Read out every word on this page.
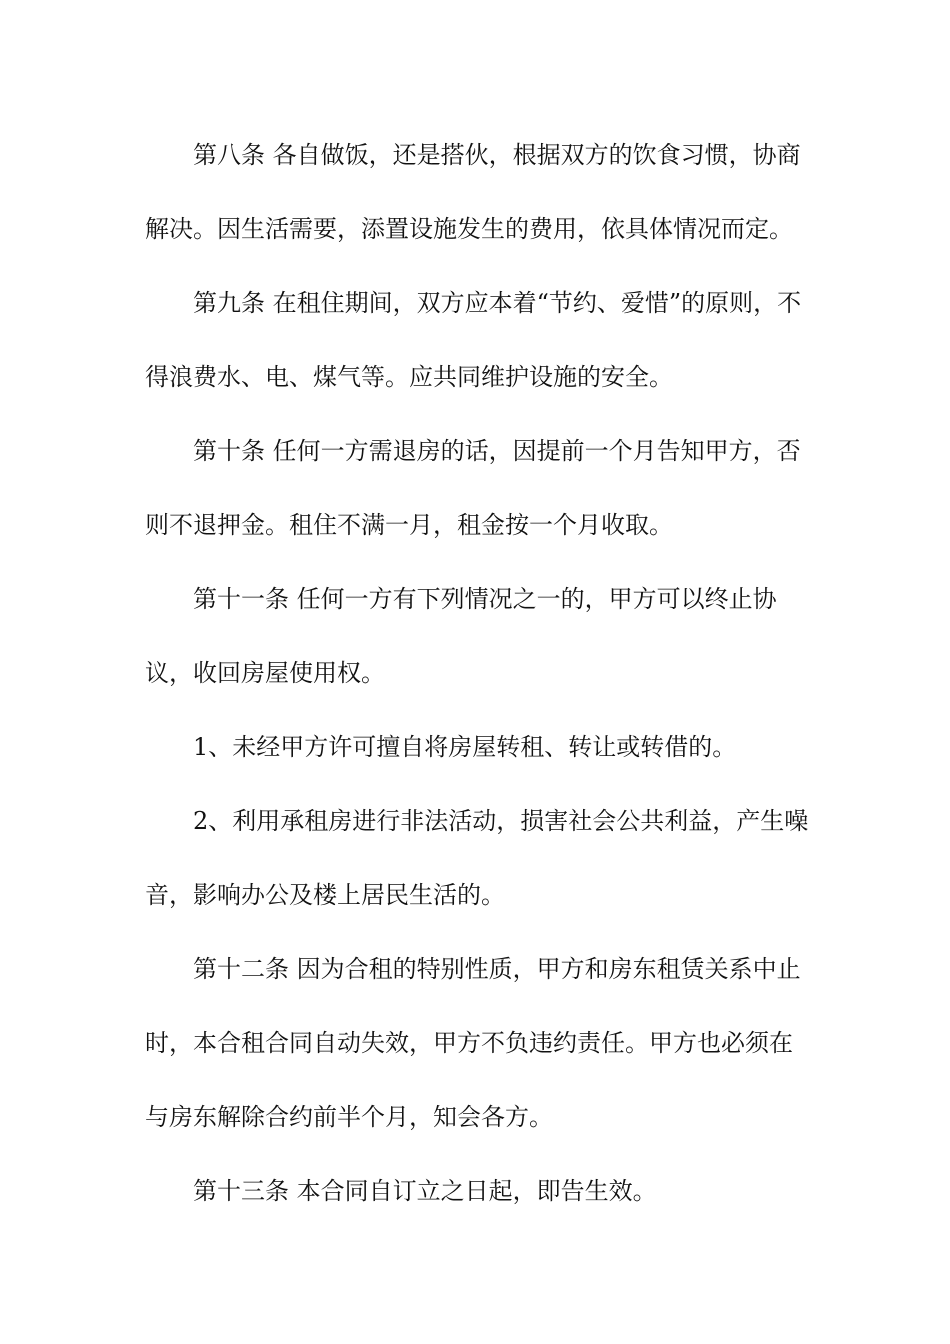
第八条 各自做饭，还是搭伙，根据双方的饮食习惯，协商解决。因生活需要，添置设施发生的费用，依具体情况而定。

第九条 在租住期间，双方应本着“节约、爱惜”的原则，不得浪费水、电、煤气等。应共同维护设施的安全。

第十条 任何一方需退房的话，因提前一个月告知甲方，否则不退押金。租住不满一月，租金按一个月收取。

第十一条 任何一方有下列情况之一的，甲方可以终止协议，收回房屋使用权。

1、未经甲方许可擅自将房屋转租、转让或转借的。

2、利用承租房进行非法活动，损害社会公共利益，产生噪音，影响办公及楼上居民生活的。

第十二条 因为合租的特别性质，甲方和房东租赁关系中止时，本合租合同自动失效，甲方不负违约责任。甲方也必须在与房东解除合约前半个月，知会各方。

第十三条 本合同自订立之日起，即告生效。
